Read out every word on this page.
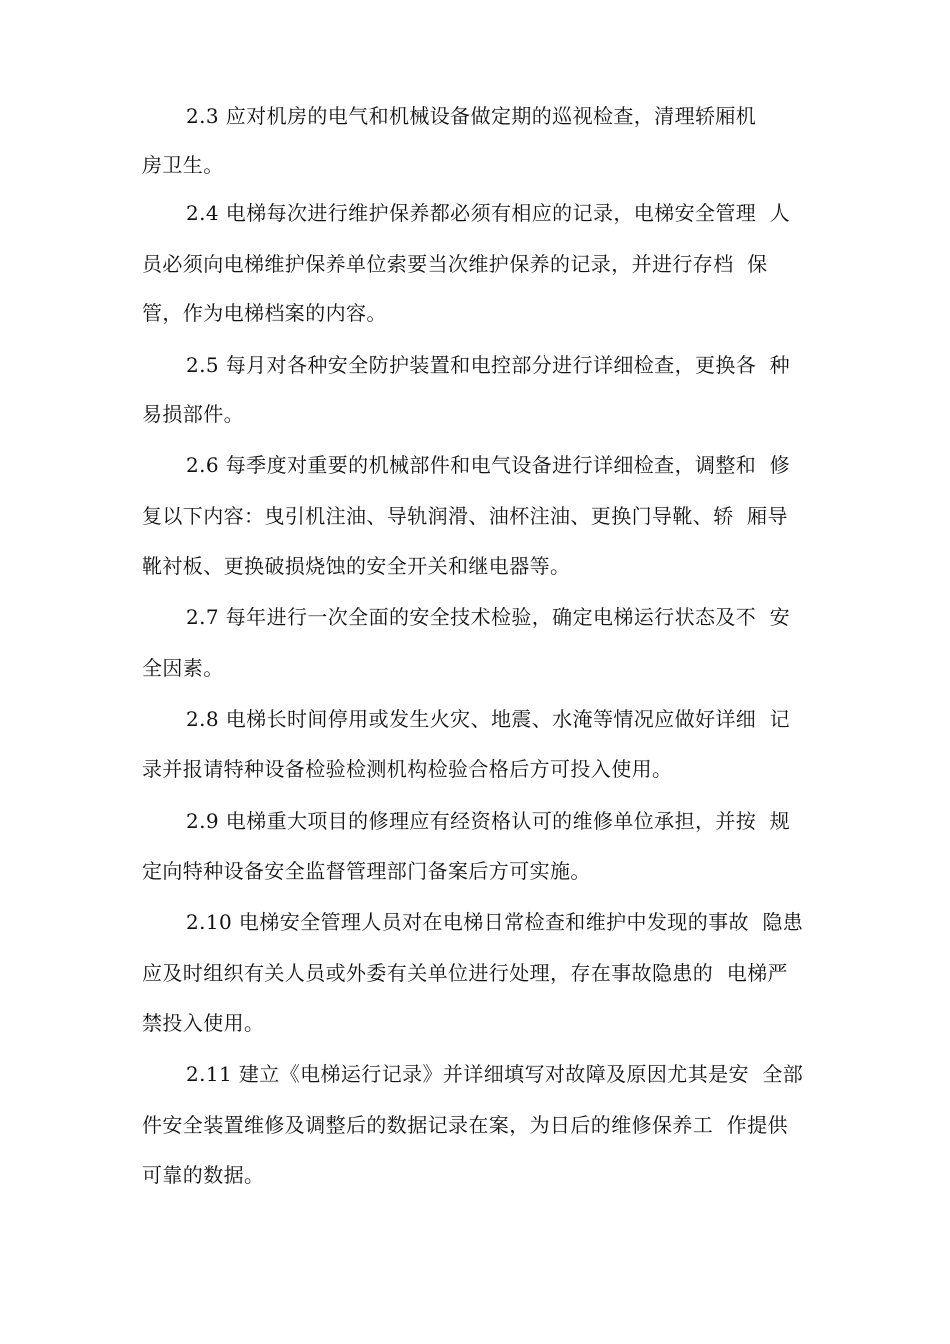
2.3 应对机房的电气和机械设备做定期的巡视检查，清理轿厢机
房卫生。
2.4 电梯每次进行维护保养都必须有相应的记录，电梯安全管理  人
员必须向电梯维护保养单位索要当次维护保养的记录，并进行存档  保
管，作为电梯档案的内容。
2.5 每月对各种安全防护装置和电控部分进行详细检查，更换各  种
易损部件。
2.6 每季度对重要的机械部件和电气设备进行详细检查，调整和  修
复以下内容：曳引机注油、导轨润滑、油杯注油、更换门导靴、轿  厢导
靴衬板、更换破损烧蚀的安全开关和继电器等。
2.7 每年进行一次全面的安全技术检验，确定电梯运行状态及不  安
全因素。
2.8 电梯长时间停用或发生火灾、地震、水淹等情况应做好详细  记
录并报请特种设备检验检测机构检验合格后方可投入使用。
2.9 电梯重大项目的修理应有经资格认可的维修单位承担，并按  规
定向特种设备安全监督管理部门备案后方可实施。
2.10 电梯安全管理人员对在电梯日常检查和维护中发现的事故  隐患
应及时组织有关人员或外委有关单位进行处理，存在事故隐患的  电梯严
禁投入使用。
2.11 建立《电梯运行记录》并详细填写对故障及原因尤其是安  全部
件安全装置维修及调整后的数据记录在案，为日后的维修保养工  作提供
可靠的数据。
